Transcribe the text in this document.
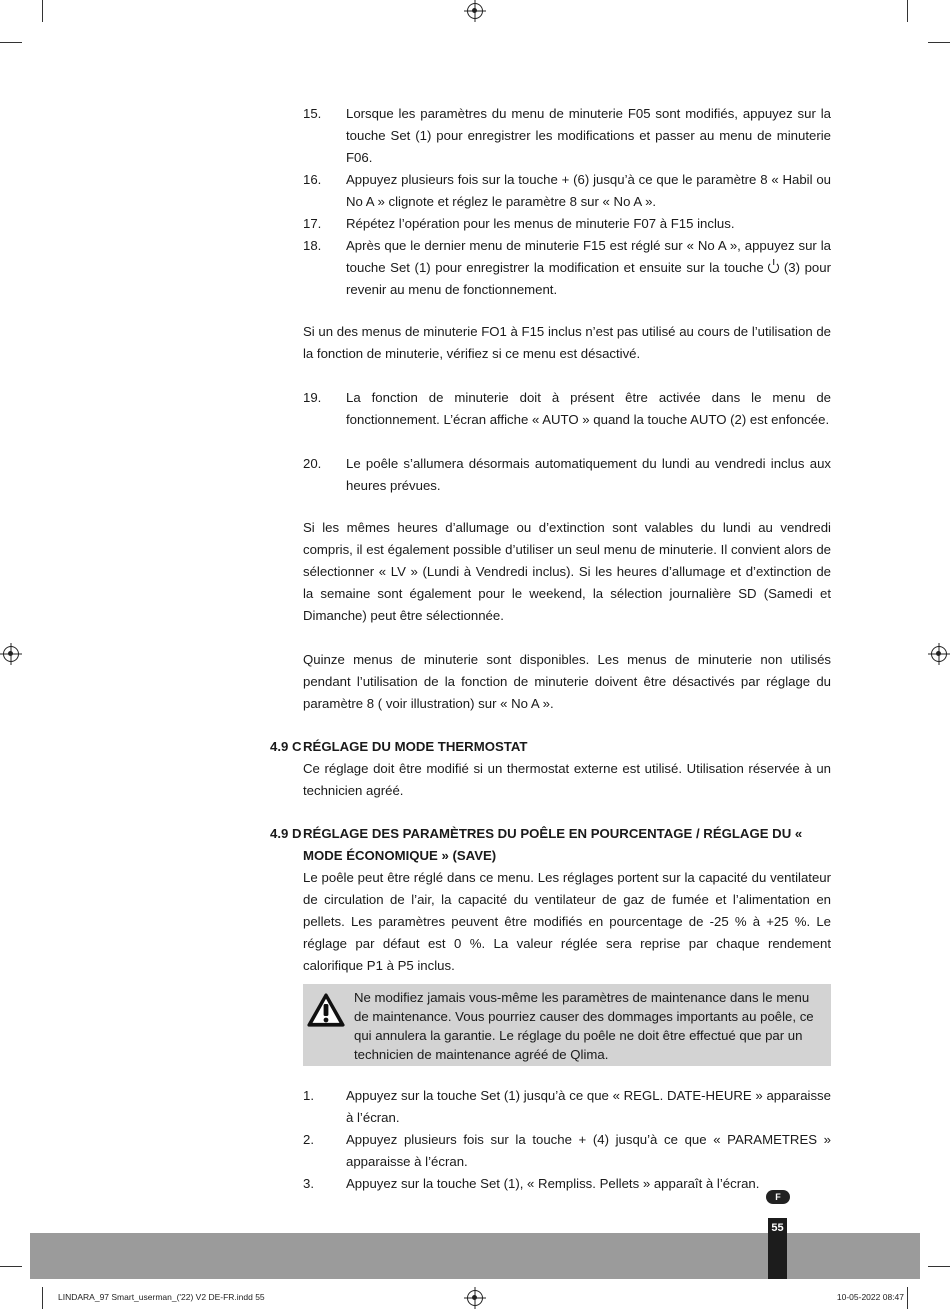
15. Lorsque les paramètres du menu de minuterie F05 sont modifiés, appuyez sur la touche Set (1) pour enregistrer les modifications et passer au menu de minuterie F06.
16. Appuyez plusieurs fois sur la touche + (6) jusqu’à ce que le paramètre 8 « Habil ou No A » clignote et réglez le paramètre 8 sur « No A ».
17. Répétez l’opération pour les menus de minuterie F07 à F15 inclus.
18. Après que le dernier menu de minuterie F15 est réglé sur « No A », appuyez sur la touche Set (1) pour enregistrer la modification et ensuite sur la touche (3) pour revenir au menu de fonctionnement.
Si un des menus de minuterie FO1 à F15 inclus n’est pas utilisé au cours de l’utilisation de la fonction de minuterie, vérifiez si ce menu est désactivé.
19. La fonction de minuterie doit à présent être activée dans le menu de fonctionnement. L’écran affiche « AUTO » quand la touche AUTO (2) est enfoncée.
20. Le poêle s’allumera désormais automatiquement du lundi au vendredi inclus aux heures prévues.
Si les mêmes heures d’allumage ou d’extinction sont valables du lundi au vendredi compris, il est également possible d’utiliser un seul menu de minuterie. Il convient alors de sélectionner « LV » (Lundi à Vendredi inclus). Si les heures d’allumage et d’extinction de la semaine sont également pour le weekend, la sélection journalière SD (Samedi et Dimanche) peut être sélectionnée.
Quinze menus de minuterie sont disponibles. Les menus de minuterie non utilisés pendant l’utilisation de la fonction de minuterie doivent être désactivés par réglage du paramètre 8 ( voir illustration) sur « No A ».
4.9 CRÉGLAGE DU MODE THERMOSTAT
Ce réglage doit être modifié si un thermostat externe est utilisé. Utilisation réservée à un technicien agréé.
4.9 DRÉGLAGE DES PARAMÈTRES DU POÊLE EN POURCENTAGE / RÉGLAGE DU « MODE ÉCONOMIQUE » (SAVE)
Le poêle peut être réglé dans ce menu. Les réglages portent sur la capacité du ventilateur de circulation de l’air, la capacité du ventilateur de gaz de fumée et l’alimentation en pellets. Les paramètres peuvent être modifiés en pourcentage de -25 % à +25 %. Le réglage par défaut est 0 %. La valeur réglée sera reprise par chaque rendement calorifique P1 à P5 inclus.
Ne modifiez jamais vous-même les paramètres de maintenance dans le menu de maintenance. Vous pourriez causer des dommages importants au poêle, ce qui annulera la garantie. Le réglage du poêle ne doit être effectué que par un technicien de maintenance agréé de Qlima.
1. Appuyez sur la touche Set (1) jusqu’à ce que « REGL. DATE-HEURE » apparaisse à l’écran.
2. Appuyez plusieurs fois sur la touche + (4) jusqu’à ce que « PARAMETRES » apparaisse à l’écran.
3. Appuyez sur la touche Set (1), « Rempliss. Pellets » apparaît à l’écran.
F
55
LINDARA_97 Smart_userman_('22) V2 DE-FR.indd 55	10-05-2022 08:47
